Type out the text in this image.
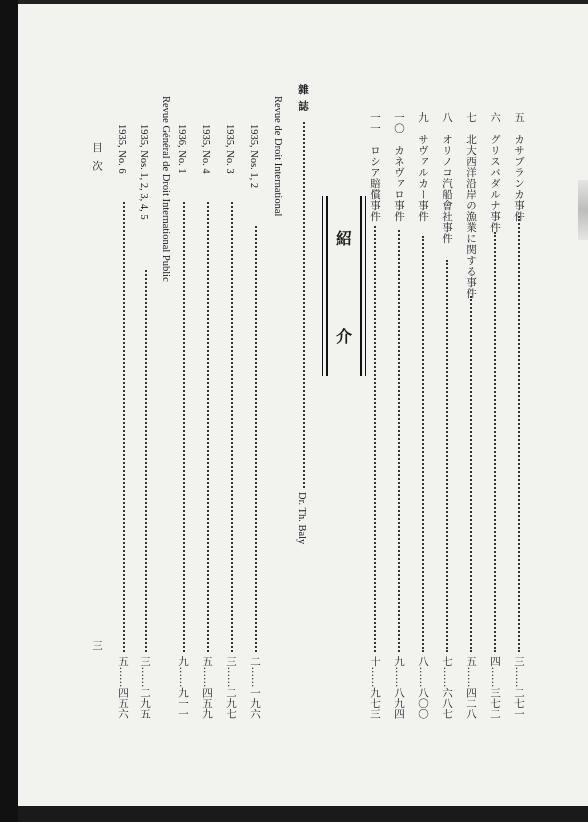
五　カサブランカ事件
三……二七一
六　グリスバダルナ事件
四……三七二
七　北大西洋沿岸の漁業に関する事件
五……四二八
八　オリノコ汽船會社事件
七……六八七
九　サヴァルカー事件
八……八〇〇
一〇　カネヴァロ事件
九……八九四
一一　ロシア賠償事件
十……九七三
紹
介
雜誌
Dr. Th. Baly
Revue de Droit International
1935, Nos. 1, 2
二……一九六
1935, No. 3
三……二九七
1935, No. 4
五……四五九
1936, No. 1
九……九一一
Revue Général de Droit International Public
1935, Nos. 1, 2, 3, 4, 5
三……二九五
1935, No. 6
五……四五六
目次
三
